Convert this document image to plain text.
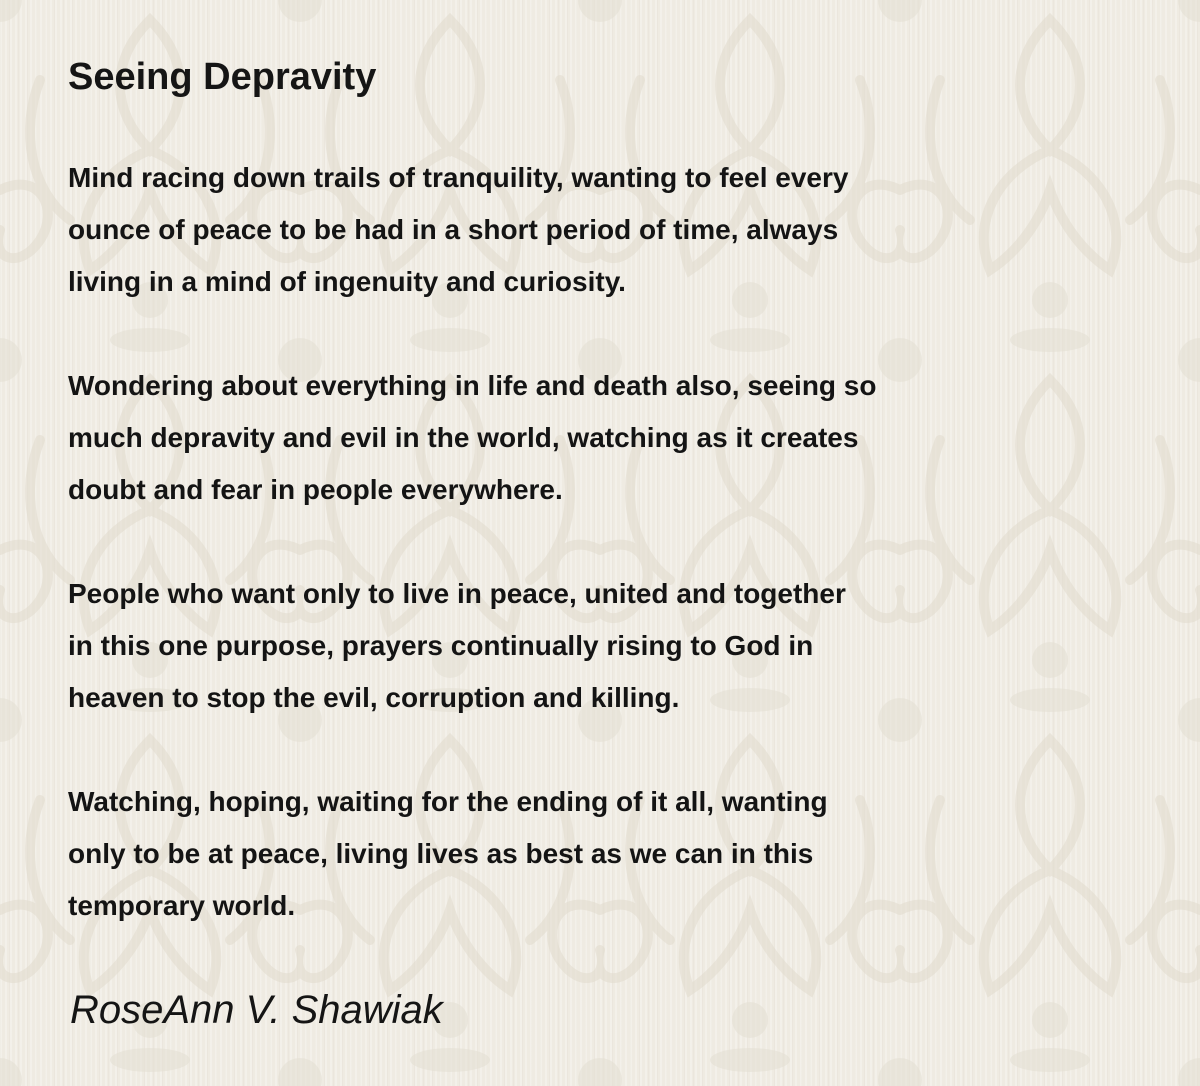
Seeing Depravity

Mind racing down trails of tranquility, wanting to feel every
ounce of peace to be had in a short period of time, always
living in a mind of ingenuity and curiosity.

Wondering about everything in life and death also, seeing so
much depravity and evil in the world, watching as it creates
doubt and fear in people everywhere.

People who want only to live in peace, united and together
in this one purpose, prayers continually rising to God in
heaven to stop the evil, corruption and killing.

Watching, hoping, waiting for the ending of it all, wanting
only to be at peace, living lives as best as we can in this
temporary world.

RoseAnn V. Shawiak
